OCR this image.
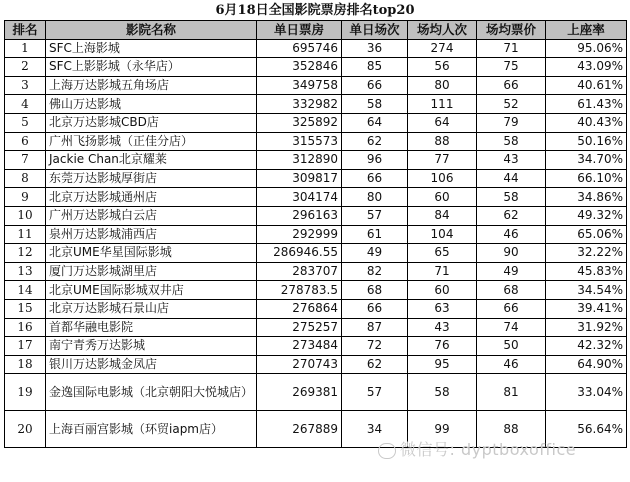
6月18日全国影院票房排名top20
排名	影院名称	单日票房	单日场次	场均人次	场均票价	上座率
1	SFC上海影城	695746	36	274	71	95.06%
2	SFC上影影城（永华店）	352846	85	56	75	43.09%
3	上海万达影城五角场店	349758	66	80	66	40.61%
4	佛山万达影城	332982	58	111	52	61.43%
5	北京万达影城CBD店	325892	64	64	79	40.43%
6	广州飞扬影城（正佳分店）	315573	62	88	58	50.16%
7	Jackie Chan北京耀莱	312890	96	77	43	34.70%
8	东莞万达影城厚街店	309817	66	106	44	66.10%
9	北京万达影城通州店	304174	80	60	58	34.86%
10	广州万达影城白云店	296163	57	84	62	49.32%
11	泉州万达影城浦西店	292999	61	104	46	65.06%
12	北京UME华星国际影城	286946.55	49	65	90	32.22%
13	厦门万达影城湖里店	283707	82	71	49	45.83%
14	北京UME国际影城双井店	278783.5	68	60	68	34.54%
15	北京万达影城石景山店	276864	66	63	66	39.41%
16	首都华融电影院	275257	87	43	74	31.92%
17	南宁青秀万达影城	273484	72	76	50	42.32%
18	银川万达影城金凤店	270743	62	95	46	64.90%
19	金逸国际电影城（北京朝阳大悦城店）	269381	57	58	81	33.04%
20	上海百丽宫影城（环贸iapm店）	267889	34	99	88	56.64%
微信号: dyptboxoffice
